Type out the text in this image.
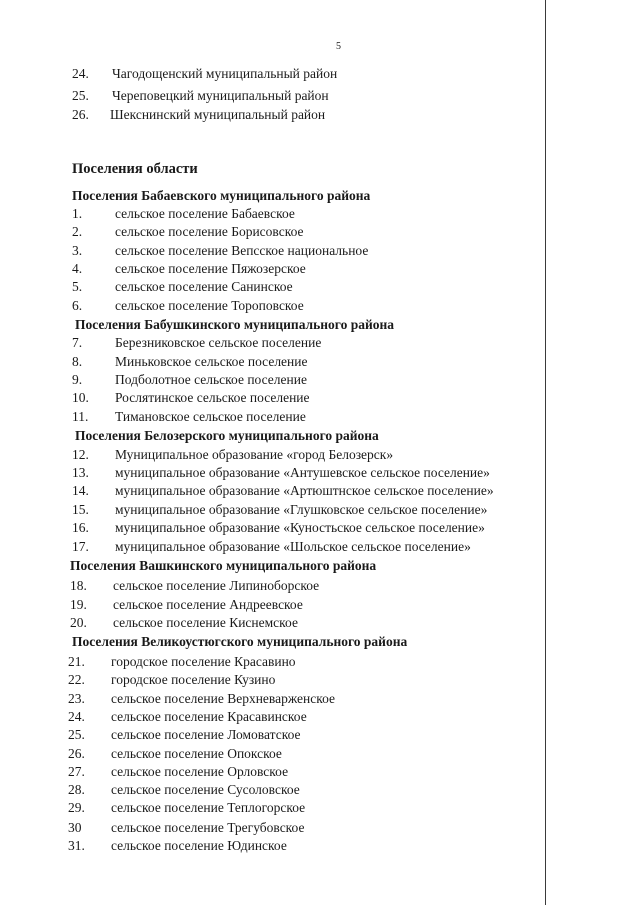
5
24. Чагодощенский муниципальный район
25. Череповецкий муниципальный район
26. Шекснинский муниципальный район
Поселения области
Поселения Бабаевского муниципального района
1. сельское поселение Бабаевское
2. сельское поселение Борисовское
3. сельское поселение Вепсское национальное
4. сельское поселение Пяжозерское
5. сельское поселение Санинское
6. сельское поселение Тороповское
Поселения Бабушкинского муниципального района
7. Березниковское сельское поселение
8. Миньковское сельское поселение
9. Подболотное сельское поселение
10. Рослятинское сельское поселение
11. Тимановское сельское поселение
Поселения Белозерского муниципального района
12. Муниципальное образование «город Белозерск»
13. муниципальное образование «Антушевское сельское поселение»
14. муниципальное образование «Артюштнское сельское поселение»
15. муниципальное образование «Глушковское сельское поселение»
16. муниципальное образование «Куностьское сельское поселение»
17. муниципальное образование «Шольское сельское поселение»
Поселения Вашкинского муниципального района
18. сельское поселение Липиноборское
19. сельское поселение Андреевское
20. сельское поселение Киснемское
Поселения Великоустюгского муниципального района
21. городское поселение Красавино
22. городское поселение Кузино
23. сельское поселение Верхневарженское
24. сельское поселение Красавинское
25. сельское поселение Ломоватское
26. сельское поселение Опокское
27. сельское поселение Орловское
28. сельское поселение Сусоловское
29. сельское поселение Теплогорское
30 сельское поселение Трегубовское
31. сельское поселение Юдинское
